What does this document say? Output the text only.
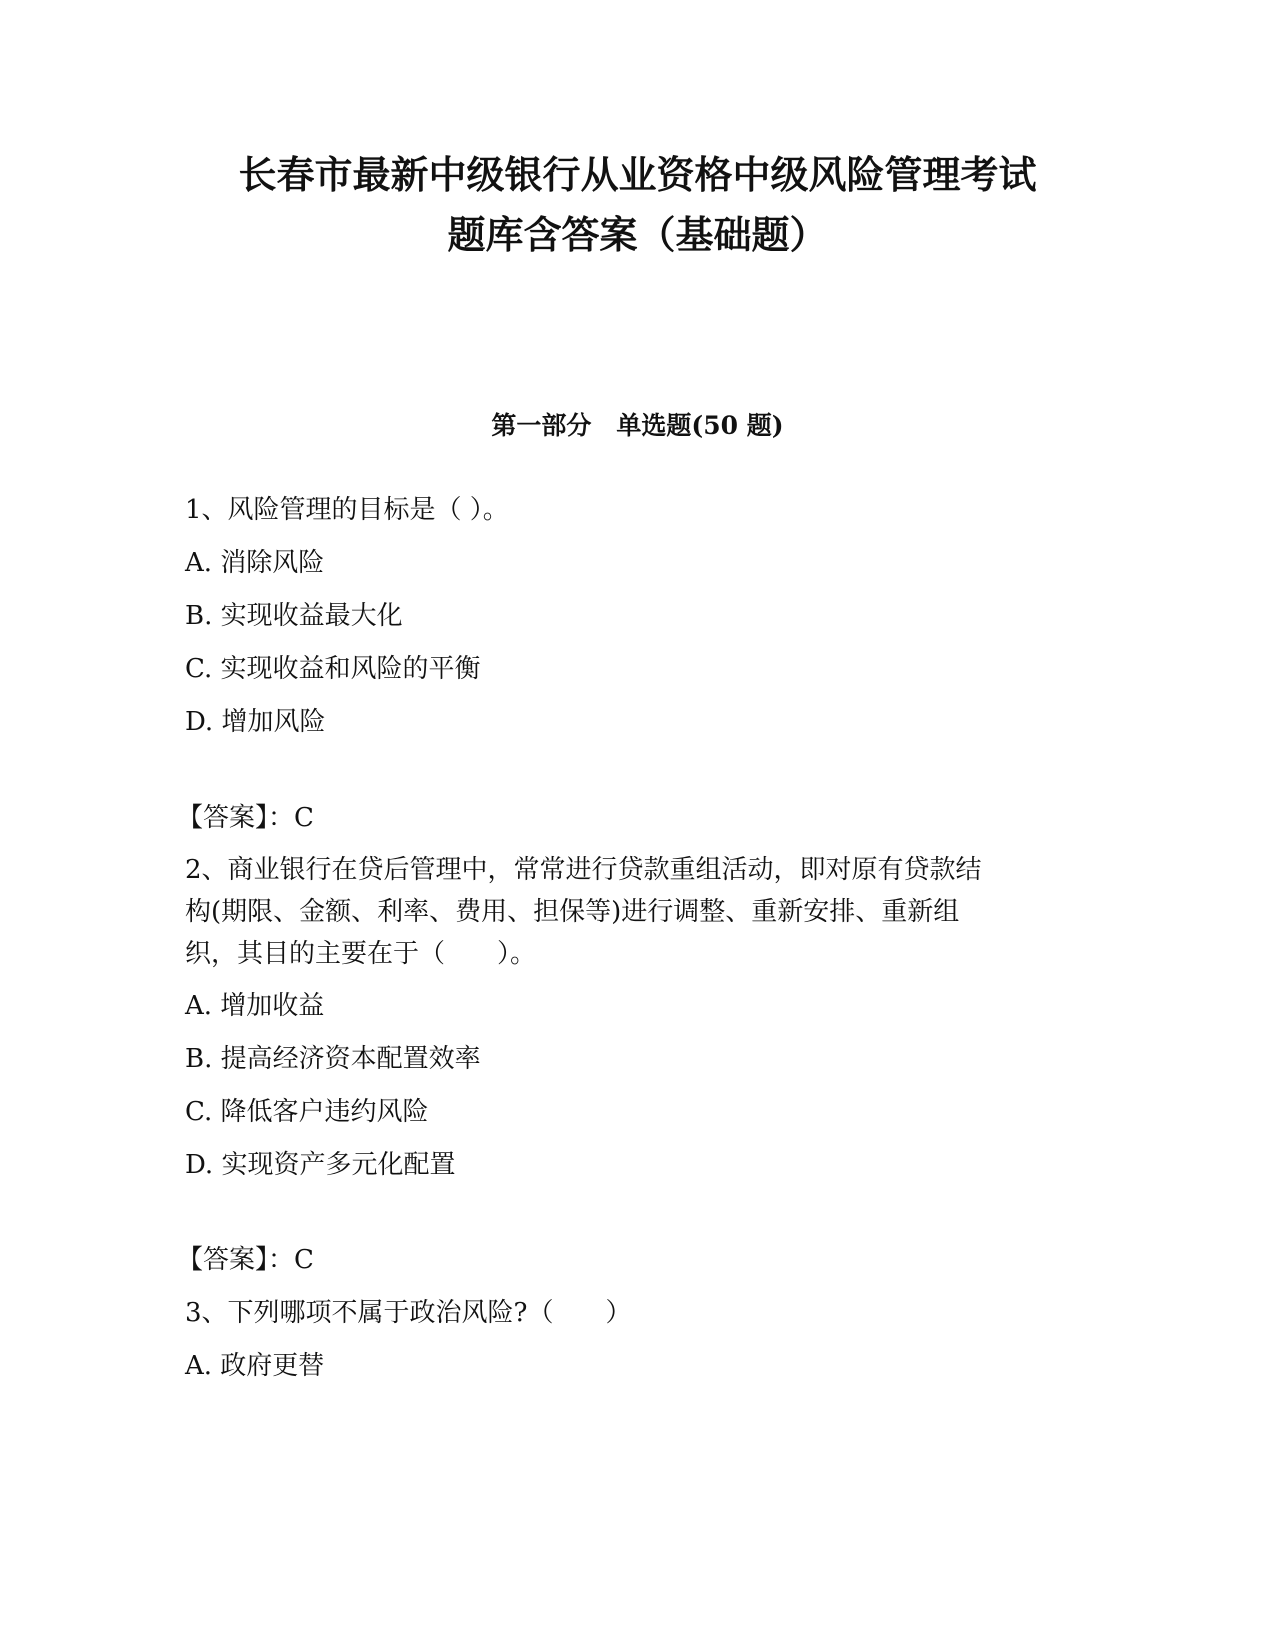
长春市最新中级银行从业资格中级风险管理考试
题库含答案（基础题）
第一部分　单选题(50 题)
1、风险管理的目标是（ ）。
A. 消除风险
B. 实现收益最大化
C. 实现收益和风险的平衡
D. 增加风险
【答案】：C
2、商业银行在贷后管理中，常常进行贷款重组活动，即对原有贷款结
构(期限、金额、利率、费用、担保等)进行调整、重新安排、重新组
织，其目的主要在于（　　）。
A. 增加收益
B. 提高经济资本配置效率
C. 降低客户违约风险
D. 实现资产多元化配置
【答案】：C
3、下列哪项不属于政治风险?（　　）
A. 政府更替
